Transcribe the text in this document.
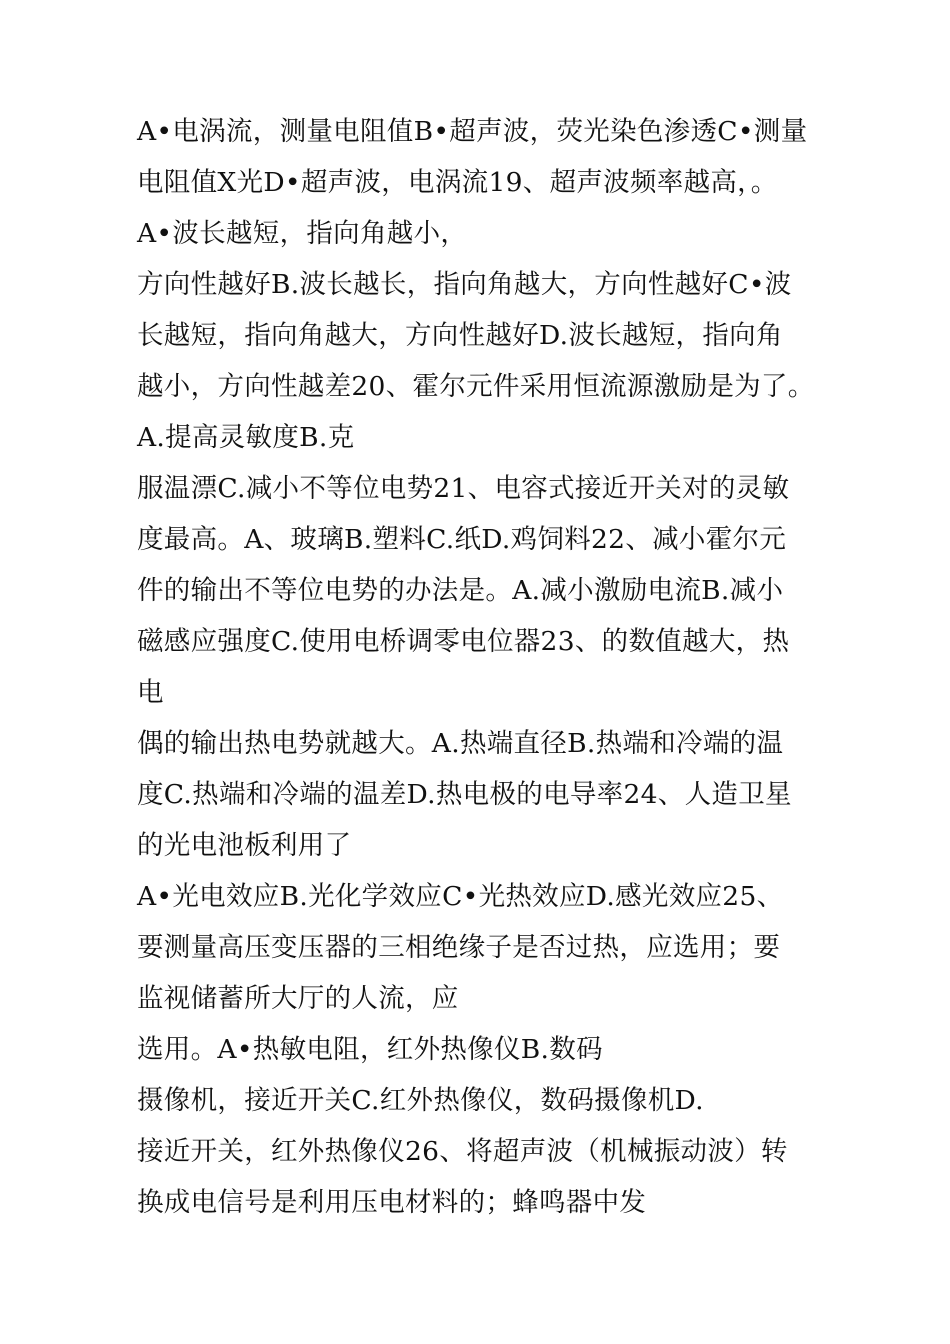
A•电涡流，测量电阻值B•超声波，荧光染色渗透C•测量
电阻值X光D•超声波，电涡流19、超声波频率越高，。
A•波长越短，指向角越小，
方向性越好B.波长越长，指向角越大，方向性越好C•波
长越短，指向角越大，方向性越好D.波长越短，指向角
越小，方向性越差20、霍尔元件采用恒流源激励是为了。
A.提高灵敏度B.克
服温漂C.减小不等位电势21、电容式接近开关对的灵敏
度最高。A、玻璃B.塑料C.纸D.鸡饲料22、减小霍尔元
件的输出不等位电势的办法是。A.减小激励电流B.减小
磁感应强度C.使用电桥调零电位器23、的数值越大，热
电
偶的输出热电势就越大。A.热端直径B.热端和冷端的温
度C.热端和冷端的温差D.热电极的电导率24、人造卫星
的光电池板利用了
A•光电效应B.光化学效应C•光热效应D.感光效应25、
要测量高压变压器的三相绝缘子是否过热，应选用；要
监视储蓄所大厅的人流，应
选用。A•热敏电阻，红外热像仪B.数码
摄像机，接近开关C.红外热像仪，数码摄像机D.
接近开关，红外热像仪26、将超声波（机械振动波）转
换成电信号是利用压电材料的；蜂鸣器中发
